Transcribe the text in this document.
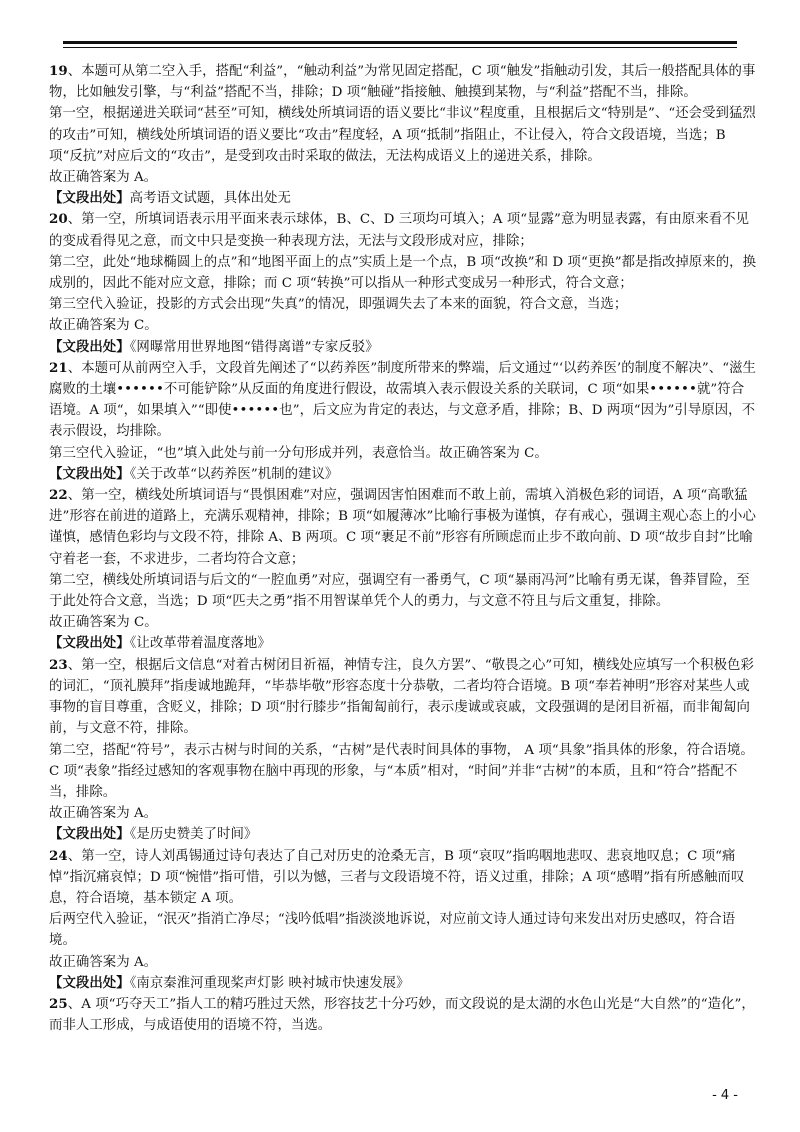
19、本题可从第二空入手，搭配“利益”，“触动利益”为常见固定搭配，C 项“触发”指触动引发，其后一般搭配具体的事物，比如触发引擎，与“利益”搭配不当，排除；D 项“触碰”指接触、触摸到某物，与“利益”搭配不当，排除。

第一空，根据递进关联词“甚至”可知，横线处所填词语的语义要比“非议”程度重，且根据后文“特别是”、“还会受到猛烈的攻击”可知，横线处所填词语的语义要比“攻击”程度轻，A 项“抵制”指阻止，不让侵入，符合文段语境，当选；B 项“反抗”对应后文的“攻击”，是受到攻击时采取的做法，无法构成语义上的递进关系，排除。

故正确答案为 A。

【文段出处】高考语文试题，具体出处无

20、第一空，所填词语表示用平面来表示球体，B、C、D 三项均可填入；A 项“显露”意为明显表露，有由原来看不见的变成看得见之意，而文中只是变换一种表现方法，无法与文段形成对应，排除；

第二空，此处“地球椭圆上的点”和“地图平面上的点”实质上是一个点，B 项“改换”和 D 项“更换”都是指改掉原来的，换成别的，因此不能对应文意，排除；而 C 项“转换”可以指从一种形式变成另一种形式，符合文意；

第三空代入验证，投影的方式会出现“失真”的情况，即强调失去了本来的面貌，符合文意，当选；

故正确答案为 C。

【文段出处】《网曝常用世界地图“错得离谱”专家反驳》

21、本题可从前两空入手，文段首先阐述了“以药养医”制度所带来的弊端，后文通过“‘以药养医’的制度不解决”、“滋生腐败的土壤••••••不可能铲除”从反面的角度进行假设，故需填入表示假设关系的关联词，C 项“如果••••••就”符合语境。A 项“，如果填入”“即使••••••也”，后文应为肯定的表达，与文意矛盾，排除；B、D 两项“因为”引导原因，不表示假设，均排除。

第三空代入验证，“也”填入此处与前一分句形成并列，表意恰当。故正确答案为 C。

【文段出处】《关于改革“以药养医”机制的建议》

22、第一空，横线处所填词语与“畏惧困难”对应，强调因害怕困难而不敢上前，需填入消极色彩的词语，A 项“高歌猛进”形容在前进的道路上，充满乐观精神，排除；B 项“如履薄冰”比喻行事极为谨慎，存有戒心，强调主观心态上的小心谨慎，感情色彩均与文段不符，排除 A、B 两项。C 项“裹足不前”形容有所顾虑而止步不敢向前、D 项“故步自封”比喻守着老一套，不求进步，二者均符合文意；

第二空，横线处所填词语与后文的“一腔血勇”对应，强调空有一番勇气，C 项“暴雨冯河”比喻有勇无谋，鲁莽冒险，至于此处符合文意，当选；D 项“匹夫之勇”指不用智谋单凭个人的勇力，与文意不符且与后文重复，排除。

故正确答案为 C。

【文段出处】《让改革带着温度落地》

23、第一空，根据后文信息“对着古树闭目祈福，神情专注，良久方罢”、“敬畏之心”可知，横线处应填写一个积极色彩的词汇，“顶礼膜拜”指虔诚地跪拜，“毕恭毕敬”形容态度十分恭敬，二者均符合语境。B 项“奉若神明”形容对某些人或事物的盲目尊重，含贬义，排除；D 项“肘行膝步”指匍匐前行，表示虔诚或哀戚，文段强调的是闭目祈福，而非匍匐向前，与文意不符，排除。

第二空，搭配“符号”，表示古树与时间的关系，“古树”是代表时间具体的事物， A 项“具象”指具体的形象，符合语境。C 项“表象”指经过感知的客观事物在脑中再现的形象，与“本质”相对，“时间”并非“古树”的本质，且和“符合”搭配不当，排除。

故正确答案为 A。

【文段出处】《是历史赞美了时间》

24、第一空，诗人刘禹锡通过诗句表达了自己对历史的沧桑无言，B 项“哀叹”指呜咽地悲叹、悲哀地叹息；C 项“痛悼”指沉痛哀悼；D 项“惋惜”指可惜，引以为憾，三者与文段语境不符，语义过重，排除；A 项“感喟”指有所感触而叹息，符合语境，基本锁定 A 项。

后两空代入验证，“泯灭”指消亡净尽；“浅吟低唱”指淡淡地诉说，对应前文诗人通过诗句来发出对历史感叹，符合语境。

故正确答案为 A。

【文段出处】《南京秦淮河重现桨声灯影 映衬城市快速发展》

25、A 项“巧夺天工”指人工的精巧胜过天然，形容技艺十分巧妙，而文段说的是太湖的水色山光是“大自然”的“造化”，而非人工形成，与成语使用的语境不符，当选。

- 4 -
